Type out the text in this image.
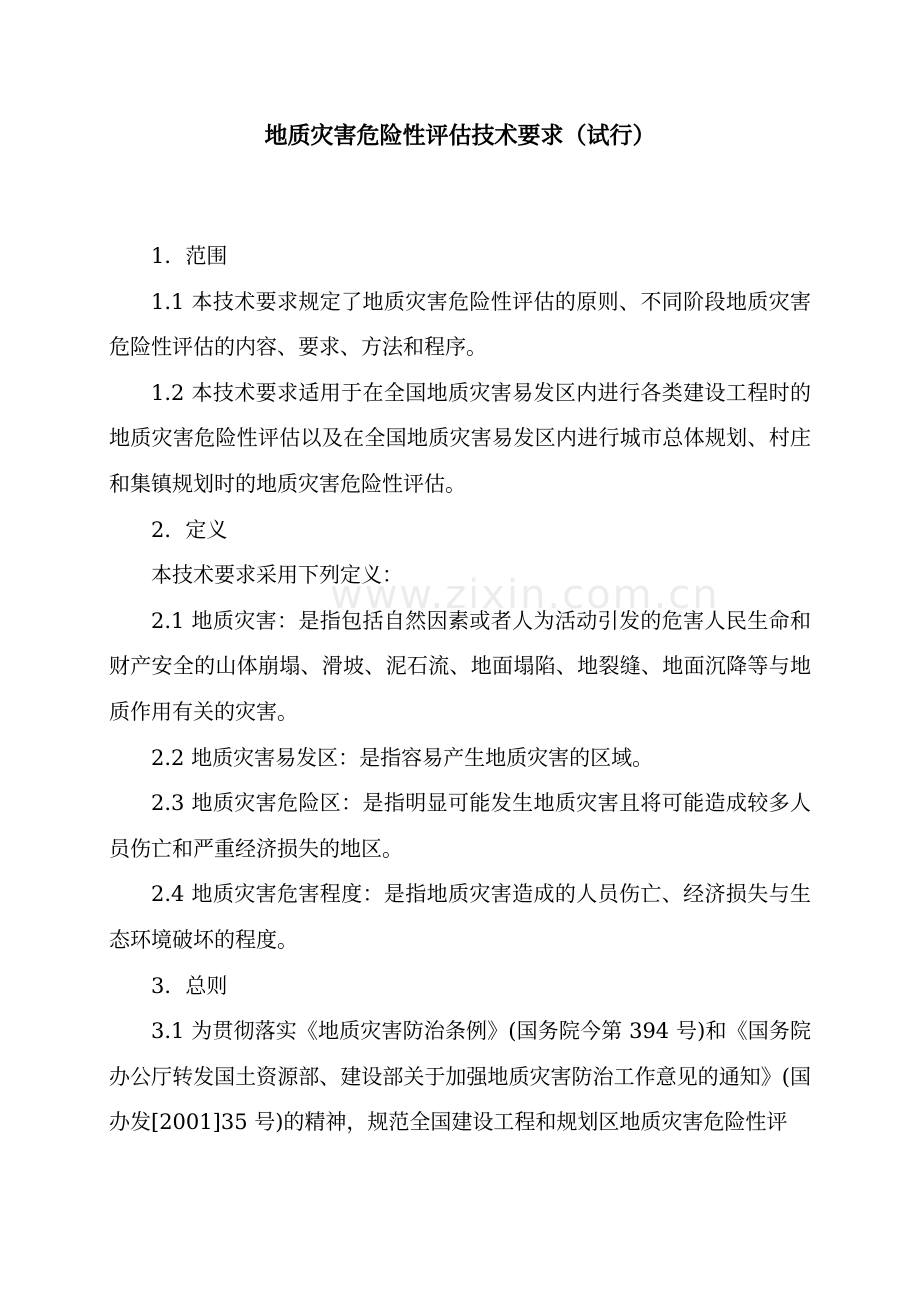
www.zixin.com.cn
地质灾害危险性评估技术要求（试行）

1．范围

1.1 本技术要求规定了地质灾害危险性评估的原则、不同阶段地质灾害危险性评估的内容、要求、方法和程序。

1.2 本技术要求适用于在全国地质灾害易发区内进行各类建设工程时的地质灾害危险性评估以及在全国地质灾害易发区内进行城市总体规划、村庄和集镇规划时的地质灾害危险性评估。

2．定义

本技术要求采用下列定义：

2.1 地质灾害：是指包括自然因素或者人为活动引发的危害人民生命和财产安全的山体崩塌、滑坡、泥石流、地面塌陷、地裂缝、地面沉降等与地质作用有关的灾害。

2.2 地质灾害易发区：是指容易产生地质灾害的区域。

2.3 地质灾害危险区：是指明显可能发生地质灾害且将可能造成较多人员伤亡和严重经济损失的地区。

2.4 地质灾害危害程度：是指地质灾害造成的人员伤亡、经济损失与生态环境破坏的程度。

3．总则

3.1 为贯彻落实《地质灾害防治条例》(国务院今第 394 号)和《国务院办公厅转发国土资源部、建设部关于加强地质灾害防治工作意见的通知》(国办发[2001]35 号)的精神，规范全国建设工程和规划区地质灾害危险性评
